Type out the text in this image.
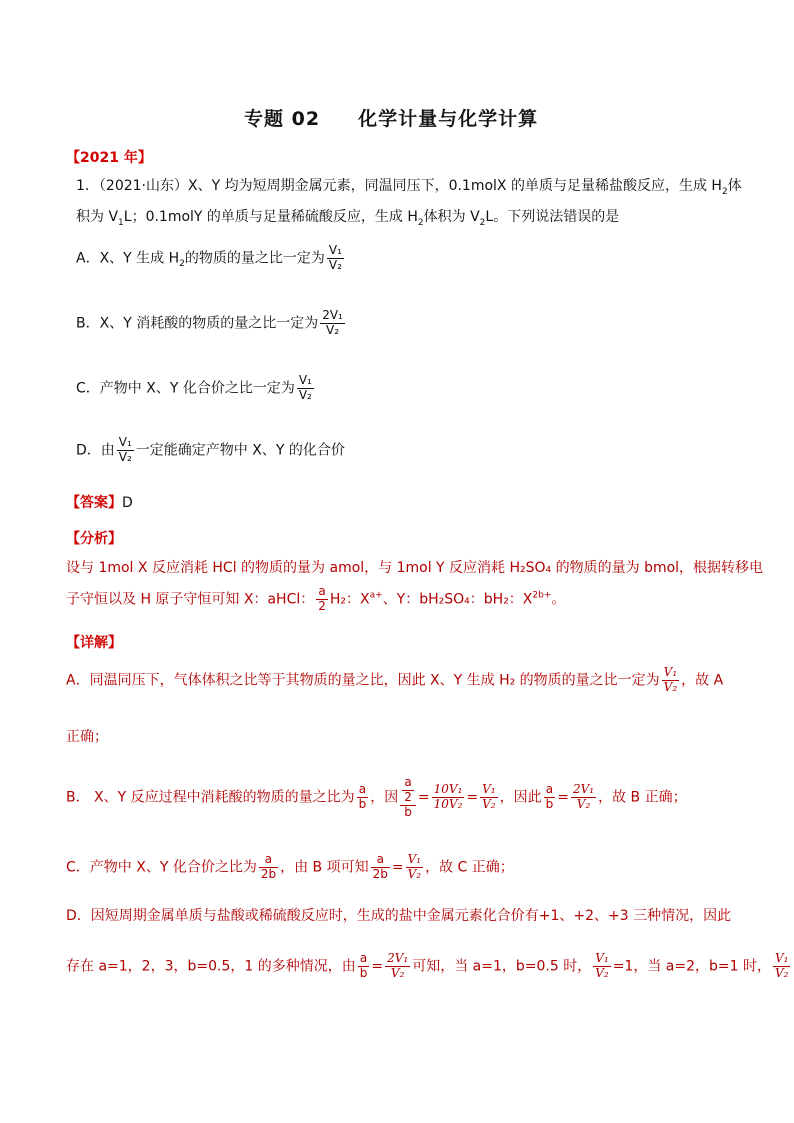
专题 02 化学计量与化学计算
【2021 年】
1．（2021·山东）X、Y 均为短周期金属元素，同温同压下，0.1molX 的单质与足量稀盐酸反应，生成 $H_2$体
积为 $V_1L$；0.1molY 的单质与足量稀硫酸反应，生成 $H_2$体积为 $V_2L$。下列说法错误的是
A．X、Y 生成 $H_2$的物质的量之比一定为 $\frac{\text{V₁}}{\text{V₂}}$
B．X、Y 消耗酸的物质的量之比一定为 $\frac{\text{2V₁}}{\text{V₂}}$
C．产物中 X、Y 化合价之比一定为 $\frac{\text{V₁}}{\text{V₂}}$
D．由 $\frac{\text{V₁}}{\text{V₂}}$ 一定能确定产物中 X、Y 的化合价
【答案】D
【分析】
设与 1mol X 反应消耗 HCl 的物质的量为 amol，与 1mol Y 反应消耗 H₂SO₄ 的物质的量为 bmol，根据转移电
子守恒以及 H 原子守恒可知 X：aHCl： $\frac{a}{2} H_2$：$X^{a+}$、Y：bH₂SO₄：bH₂：$X^{2b+}$。
【详解】
A．同温同压下，气体体积之比等于其物质的量之比，因此 X、Y 生成 H₂ 的物质的量之比一定为 $\frac{\text{V₁}}{\text{V₂}}$ ，故 A
正确；
B． X、Y 反应过程中消耗酸的物质的量之比为 $\frac{a}{b}$ ，因 $\frac{\frac{a}{2}}{b} = \frac{\text{10V₁}}{\text{10V₂}} = \frac{\text{V₁}}{\text{V₂}}$ ，因此 $\frac{a}{b} = \frac{\text{2V₁}}{\text{V₂}}$ ，故 B 正确；
C．产物中 X、Y 化合价之比为 $\frac{a}{2b}$ ，由 B 项可知 $\frac{a}{2b} = \frac{\text{V₁}}{\text{V₂}}$ ，故 C 正确；
D．因短周期金属单质与盐酸或稀硫酸反应时，生成的盐中金属元素化合价有+1、+2、+3 三种情况，因此
存在 a=1，2，3，b=0.5，1 的多种情况，由 $\frac{a}{b} = \frac{\text{2V₁}}{\text{V₂}}$ 可知，当 a=1，b=0.5 时， $\frac{\text{V₁}}{\text{V₂}} =1$，当 a=2，b=1 时， $\frac{\text{V₁}}{\text{V₂}}$
